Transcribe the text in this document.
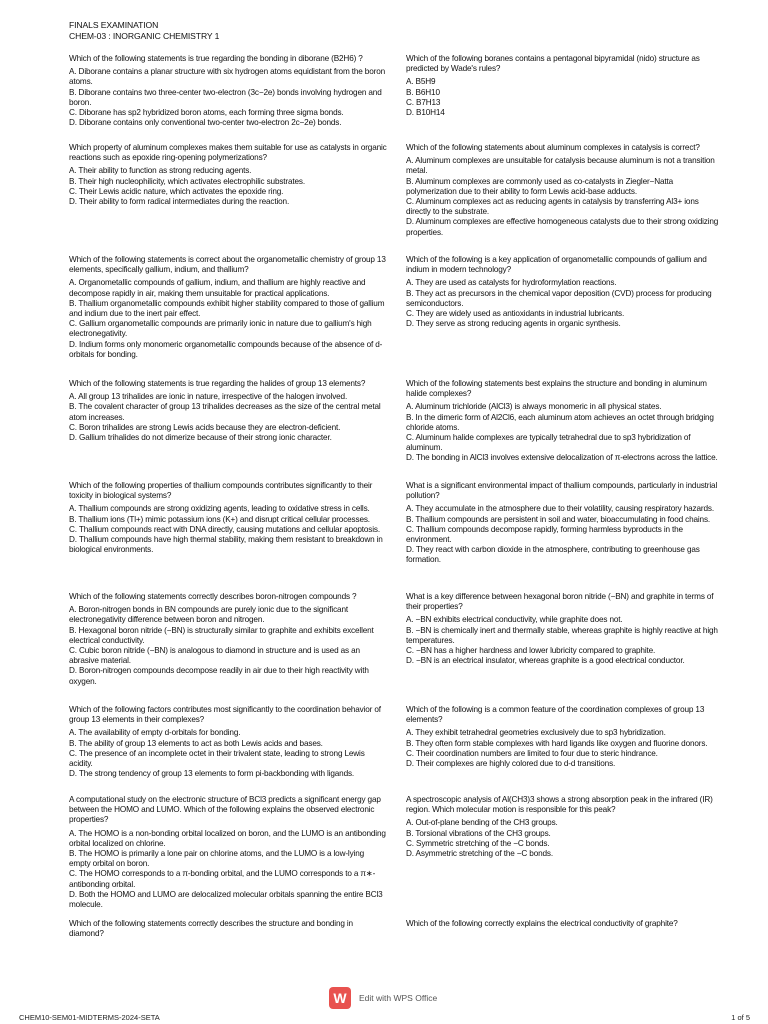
FINALS EXAMINATION
CHEM-03 : INORGANIC CHEMISTRY 1
Which of the following statements is true regarding the bonding in diborane (B2H6) ?
A. Diborane contains a planar structure with six hydrogen atoms equidistant from the boron atoms.
B. Diborane contains two three-center two-electron (3c−2e) bonds involving hydrogen and boron.
C. Diborane has sp2 hybridized boron atoms, each forming three sigma bonds.
D. Diborane contains only conventional two-center two-electron 2c−2e) bonds.
Which property of aluminum complexes makes them suitable for use as catalysts in organic reactions such as epoxide ring-opening polymerizations?
A. Their ability to function as strong reducing agents.
B. Their high nucleophilicity, which activates electrophilic substrates.
C. Their Lewis acidic nature, which activates the epoxide ring.
D. Their ability to form radical intermediates during the reaction.
Which of the following statements is correct about the organometallic chemistry of group 13 elements, specifically gallium, indium, and thallium?
A. Organometallic compounds of gallium, indium, and thallium are highly reactive and decompose rapidly in air, making them unsuitable for practical applications.
B. Thallium organometallic compounds exhibit higher stability compared to those of gallium and indium due to the inert pair effect.
C. Gallium organometallic compounds are primarily ionic in nature due to gallium's high electronegativity.
D. Indium forms only monomeric organometallic compounds because of the absence of d-orbitals for bonding.
Which of the following statements is true regarding the halides of group 13 elements?
A. All group 13 trihalides are ionic in nature, irrespective of the halogen involved.
B. The covalent character of group 13 trihalides decreases as the size of the central metal atom increases.
C. Boron trihalides are strong Lewis acids because they are electron-deficient.
D. Gallium trihalides do not dimerize because of their strong ionic character.
Which of the following properties of thallium compounds contributes significantly to their toxicity in biological systems?
A. Thallium compounds are strong oxidizing agents, leading to oxidative stress in cells.
B. Thallium ions (Tl+) mimic potassium ions (K+) and disrupt critical cellular processes.
C. Thallium compounds react with DNA directly, causing mutations and cellular apoptosis.
D. Thallium compounds have high thermal stability, making them resistant to breakdown in biological environments.
Which of the following statements correctly describes boron-nitrogen compounds ?
A. Boron-nitrogen bonds in BN compounds are purely ionic due to the significant electronegativity difference between boron and nitrogen.
B. Hexagonal boron nitride (−BN) is structurally similar to graphite and exhibits excellent electrical conductivity.
C. Cubic boron nitride (−BN) is analogous to diamond in structure and is used as an abrasive material.
D. Boron-nitrogen compounds decompose readily in air due to their high reactivity with oxygen.
Which of the following factors contributes most significantly to the coordination behavior of group 13 elements in their complexes?
A. The availability of empty d-orbitals for bonding.
B. The ability of group 13 elements to act as both Lewis acids and bases.
C. The presence of an incomplete octet in their trivalent state, leading to strong Lewis acidity.
D. The strong tendency of group 13 elements to form pi-backbonding with ligands.
A computational study on the electronic structure of BCl3 predicts a significant energy gap between the HOMO and LUMO. Which of the following explains the observed electronic properties?
A. The HOMO is a non-bonding orbital localized on boron, and the LUMO is an antibonding orbital localized on chlorine.
B. The HOMO is primarily a lone pair on chlorine atoms, and the LUMO is a low-lying empty orbital on boron.
C. The HOMO corresponds to a π-bonding orbital, and the LUMO corresponds to a π∗-antibonding orbital.
D. Both the HOMO and LUMO are delocalized molecular orbitals spanning the entire BCl3 molecule.
Which of the following statements correctly describes the structure and bonding in diamond?
Which of the following boranes contains a pentagonal bipyramidal (nido) structure as predicted by Wade's rules?
A. B5H9
B. B6H10
C. B7H13
D. B10H14
Which of the following statements about aluminum complexes in catalysis is correct?
A. Aluminum complexes are unsuitable for catalysis because aluminum is not a transition metal.
B. Aluminum complexes are commonly used as co-catalysts in Ziegler−Natta polymerization due to their ability to form Lewis acid-base adducts.
C. Aluminum complexes act as reducing agents in catalysis by transferring Al3+ ions directly to the substrate.
D. Aluminum complexes are effective homogeneous catalysts due to their strong oxidizing properties.
Which of the following is a key application of organometallic compounds of gallium and indium in modern technology?
A. They are used as catalysts for hydroformylation reactions.
B. They act as precursors in the chemical vapor deposition (CVD) process for producing semiconductors.
C. They are widely used as antioxidants in industrial lubricants.
D. They serve as strong reducing agents in organic synthesis.
Which of the following statements best explains the structure and bonding in aluminum halide complexes?
A. Aluminum trichloride (AlCl3) is always monomeric in all physical states.
B. In the dimeric form of Al2Cl6, each aluminum atom achieves an octet through bridging chloride atoms.
C. Aluminum halide complexes are typically tetrahedral due to sp3 hybridization of aluminum.
D. The bonding in AlCl3 involves extensive delocalization of π-electrons across the lattice.
What is a significant environmental impact of thallium compounds, particularly in industrial pollution?
A. They accumulate in the atmosphere due to their volatility, causing respiratory hazards.
B. Thallium compounds are persistent in soil and water, bioaccumulating in food chains.
C. Thallium compounds decompose rapidly, forming harmless byproducts in the environment.
D. They react with carbon dioxide in the atmosphere, contributing to greenhouse gas formation.
What is a key difference between hexagonal boron nitride (−BN) and graphite in terms of their properties?
A. −BN exhibits electrical conductivity, while graphite does not.
B. −BN is chemically inert and thermally stable, whereas graphite is highly reactive at high temperatures.
C. −BN has a higher hardness and lower lubricity compared to graphite.
D. −BN is an electrical insulator, whereas graphite is a good electrical conductor.
Which of the following is a common feature of the coordination complexes of group 13 elements?
A. They exhibit tetrahedral geometries exclusively due to sp3 hybridization.
B. They often form stable complexes with hard ligands like oxygen and fluorine donors.
C. Their coordination numbers are limited to four due to steric hindrance.
D. Their complexes are highly colored due to d-d transitions.
A spectroscopic analysis of Al(CH3)3 shows a strong absorption peak in the infrared (IR) region. Which molecular motion is responsible for this peak?
A. Out-of-plane bending of the CH3 groups.
B. Torsional vibrations of the CH3 groups.
C. Symmetric stretching of the −C bonds.
D. Asymmetric stretching of the −C bonds.
Which of the following correctly explains the electrical conductivity of graphite?
W	Edit with WPS Office
CHEM10-SEM01-MIDTERMS-2024-SETA	1 of 5
